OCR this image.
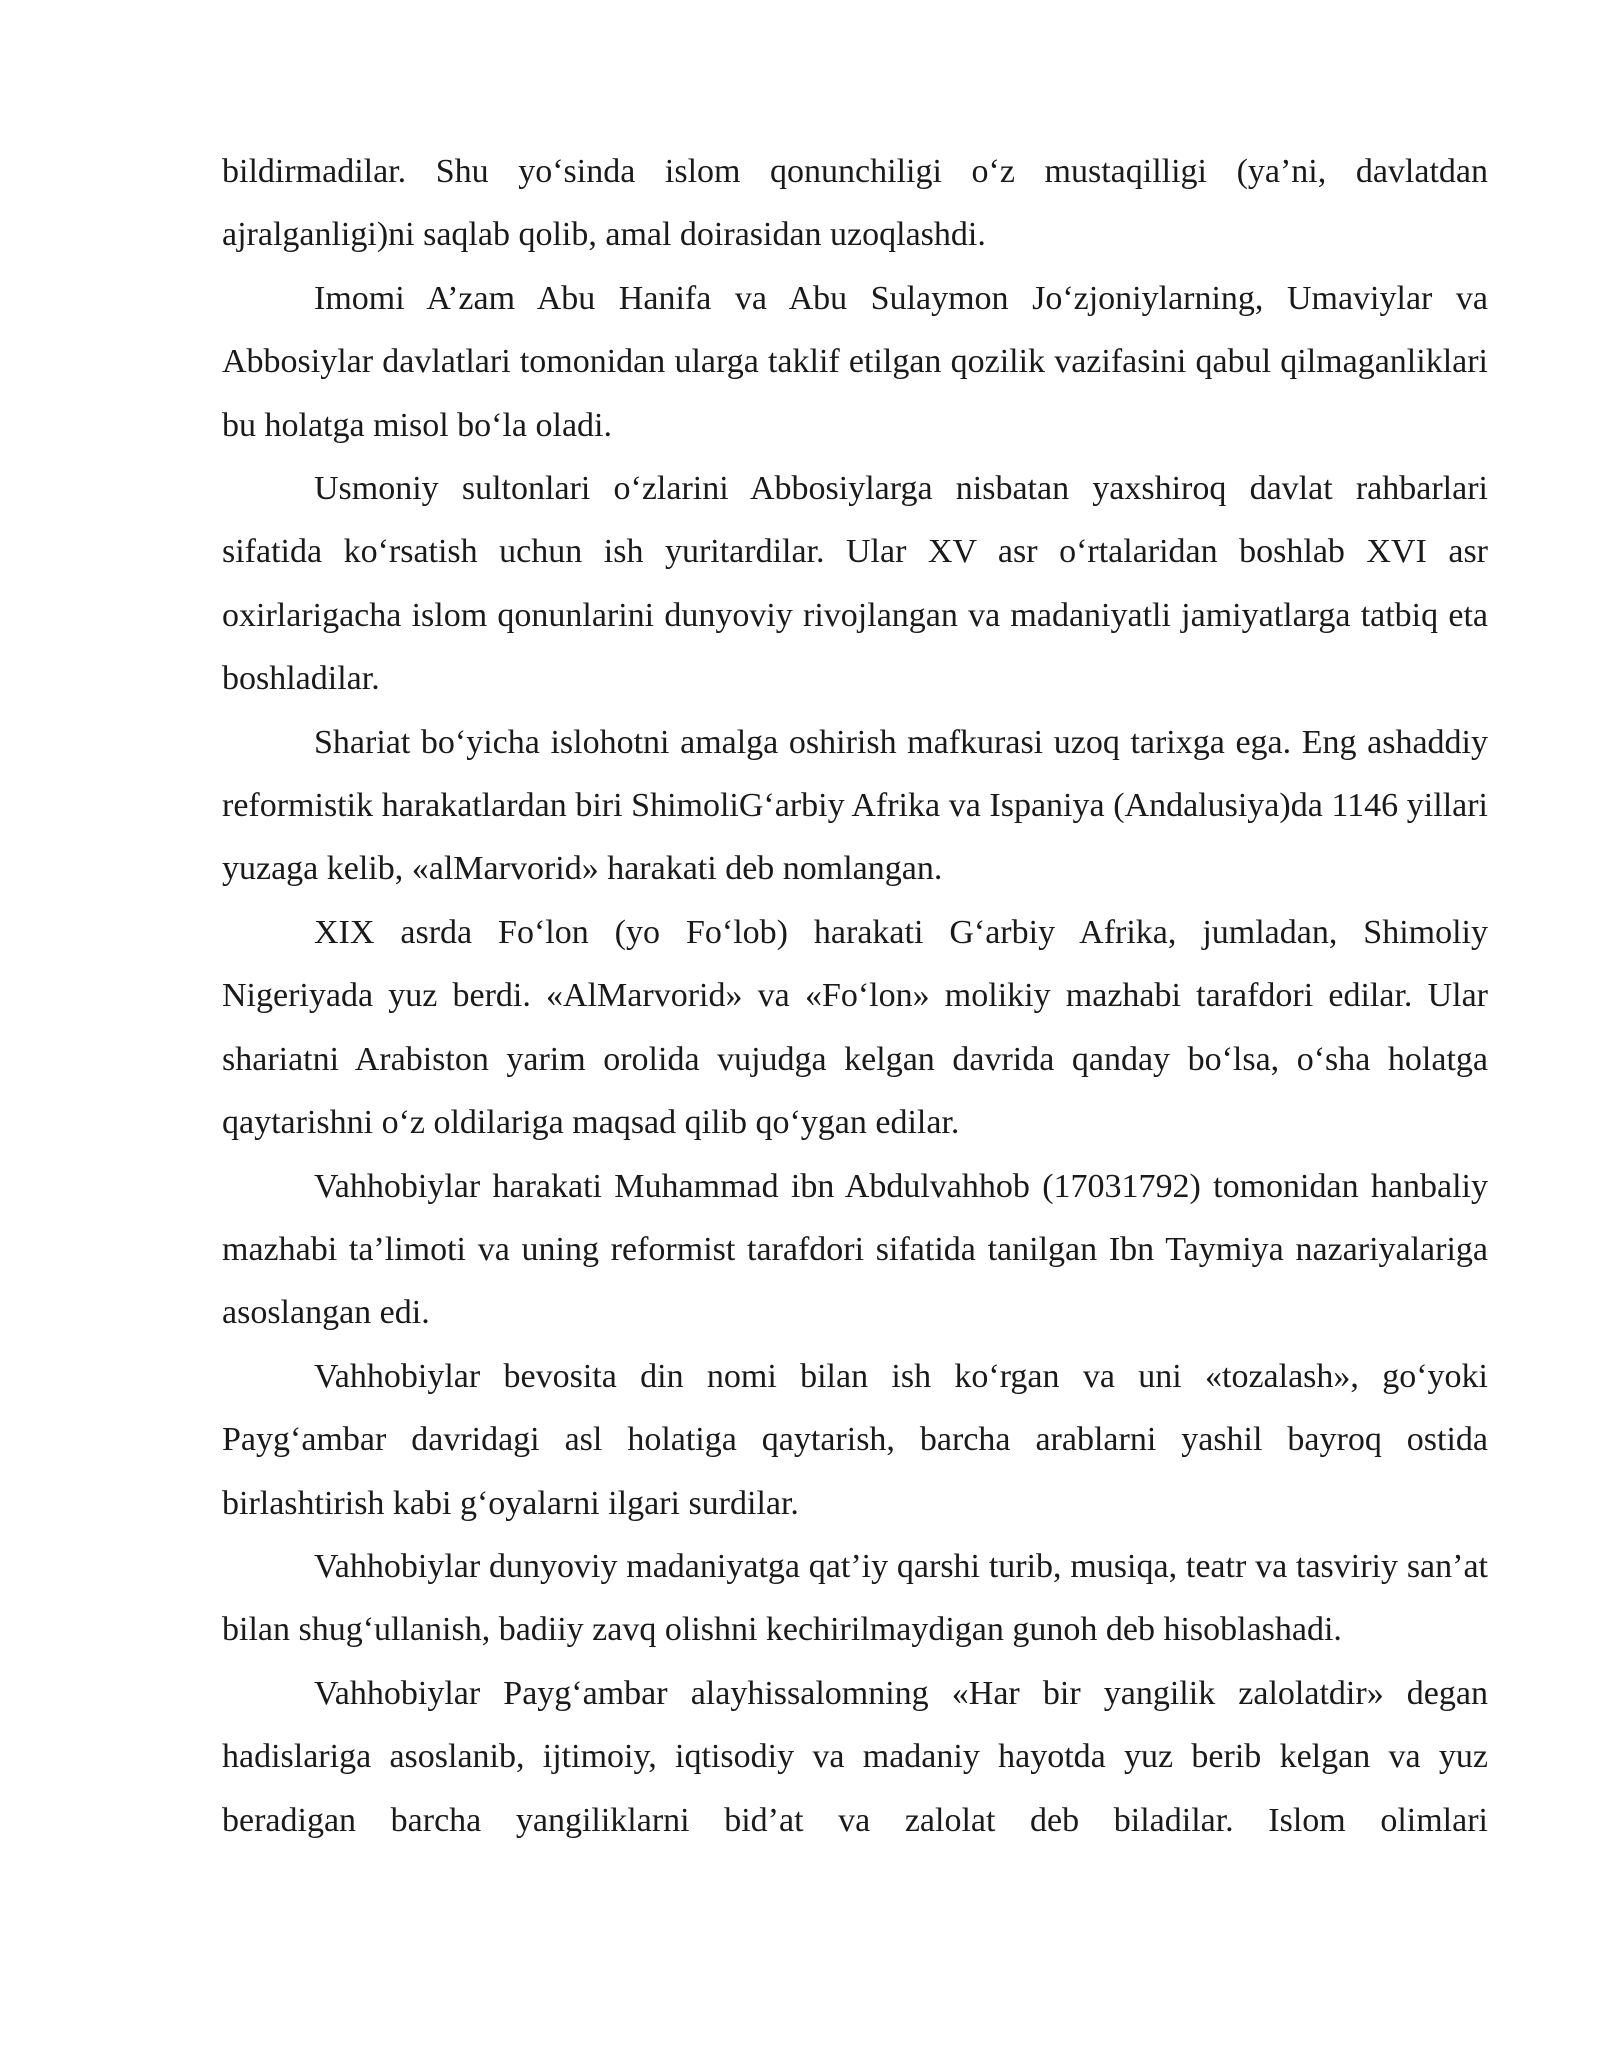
bildirmadilar. Shu yo‘sinda islom qonunchiligi o‘z mustaqilligi (ya’ni, davlatdan ajralganligi)ni saqlab qolib, amal doirasidan uzoqlashdi.

Imomi A’zam Abu Hanifa va Abu Sulaymon Jo‘zjoniylarning, Umaviylar va Abbosiylar davlatlari tomonidan ularga taklif etilgan qozilik vazifasini qabul qilmaganliklari bu holatga misol bo‘la oladi.

Usmoniy sultonlari o‘zlarini Abbosiylarga nisbatan yaxshiroq davlat rahbarlari sifatida ko‘rsatish uchun ish yuritardilar. Ular XV asr o‘rtalaridan boshlab XVI asr oxirlarigacha islom qonunlarini dunyoviy rivojlangan va madaniyatli jamiyatlarga tatbiq eta boshladilar.

Shariat bo‘yicha islohotni amalga oshirish mafkurasi uzoq tarixga ega. Eng ashaddiy reformistik harakatlardan biri ShimoliG‘arbiy Afrika va Ispaniya (Andalusiya)da 1146 yillari yuzaga kelib, «alMarvorid» harakati deb nomlangan.

XIX asrda Fo‘lon (yo Fo‘lob) harakati G‘arbiy Afrika, jumladan, Shimoliy Nigeriyada yuz berdi. «AlMarvorid» va «Fo‘lon» molikiy mazhabi tarafdori edilar. Ular shariatni Arabiston yarim orolida vujudga kelgan davrida qanday bo‘lsa, o‘sha holatga qaytarishni o‘z oldilariga maqsad qilib qo‘ygan edilar.

Vahhobiylar harakati Muhammad ibn Abdulvahhob (17031792) tomonidan hanbaliy mazhabi ta’limoti va uning reformist tarafdori sifatida tanilgan Ibn Taymiya nazariyalariga asoslangan edi.

Vahhobiylar bevosita din nomi bilan ish ko‘rgan va uni «tozalash», go‘yoki Payg‘ambar davridagi asl holatiga qaytarish, barcha arablarni yashil bayroq ostida birlashtirish kabi g‘oyalarni ilgari surdilar.

Vahhobiylar dunyoviy madaniyatga qat’iy qarshi turib, musiqa, teatr va tasviriy san’at bilan shug‘ullanish, badiiy zavq olishni kechirilmaydigan gunoh deb hisoblashadi.

Vahhobiylar Payg‘ambar alayhissalomning «Har bir yangilik zalolatdir» degan hadislariga asoslanib, ijtimoiy, iqtisodiy va madaniy hayotda yuz berib kelgan va yuz beradigan barcha yangiliklarni bid’at va zalolat deb biladilar. Islom olimlari
